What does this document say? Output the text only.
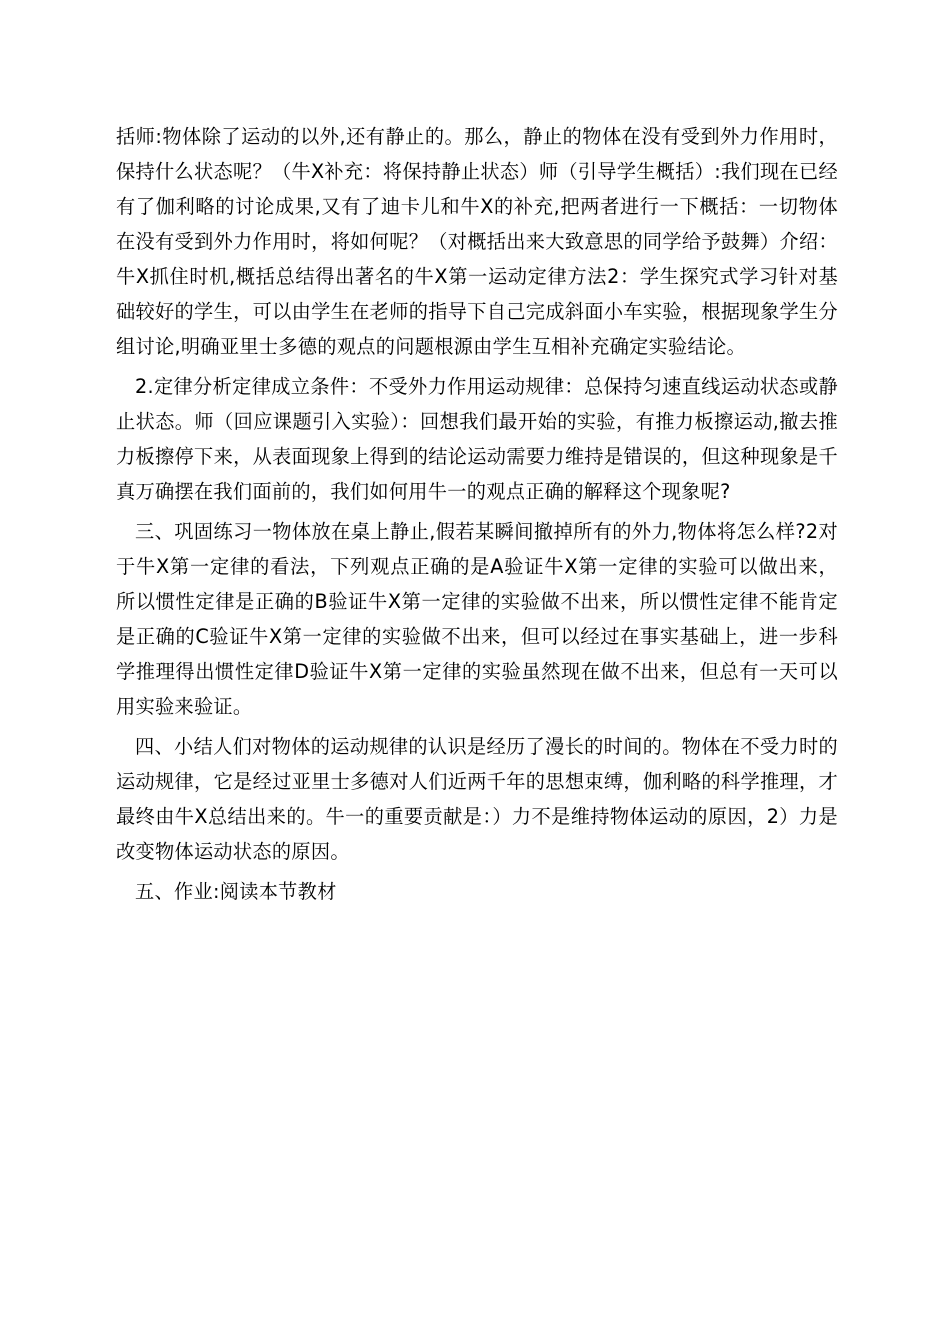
括师:物体除了运动的以外,还有静止的。那么，静止的物体在没有受到外力作用时，保持什么状态呢？（牛X补充：将保持静止状态）师（引导学生概括）:我们现在已经有了伽利略的讨论成果,又有了迪卡儿和牛X的补充,把两者进行一下概括：一切物体在没有受到外力作用时，将如何呢？（对概括出来大致意思的同学给予鼓舞）介绍：牛X抓住时机,概括总结得出著名的牛X第一运动定律方法2：学生探究式学习针对基础较好的学生，可以由学生在老师的指导下自己完成斜面小车实验，根据现象学生分组讨论,明确亚里士多德的观点的问题根源由学生互相补充确定实验结论。

2.定律分析定律成立条件：不受外力作用运动规律：总保持匀速直线运动状态或静止状态。师（回应课题引入实验）：回想我们最开始的实验，有推力板擦运动,撤去推力板擦停下来，从表面现象上得到的结论运动需要力维持是错误的，但这种现象是千真万确摆在我们面前的，我们如何用牛一的观点正确的解释这个现象呢?

三、巩固练习一物体放在桌上静止,假若某瞬间撤掉所有的外力,物体将怎么样?2对于牛X第一定律的看法，下列观点正确的是A验证牛X第一定律的实验可以做出来，所以惯性定律是正确的B验证牛X第一定律的实验做不出来，所以惯性定律不能肯定是正确的C验证牛X第一定律的实验做不出来，但可以经过在事实基础上，进一步科学推理得出惯性定律D验证牛X第一定律的实验虽然现在做不出来，但总有一天可以用实验来验证。

四、小结人们对物体的运动规律的认识是经历了漫长的时间的。物体在不受力时的运动规律，它是经过亚里士多德对人们近两千年的思想束缚，伽利略的科学推理，才最终由牛X总结出来的。牛一的重要贡献是：）力不是维持物体运动的原因，2）力是改变物体运动状态的原因。

五、作业:阅读本节教材
